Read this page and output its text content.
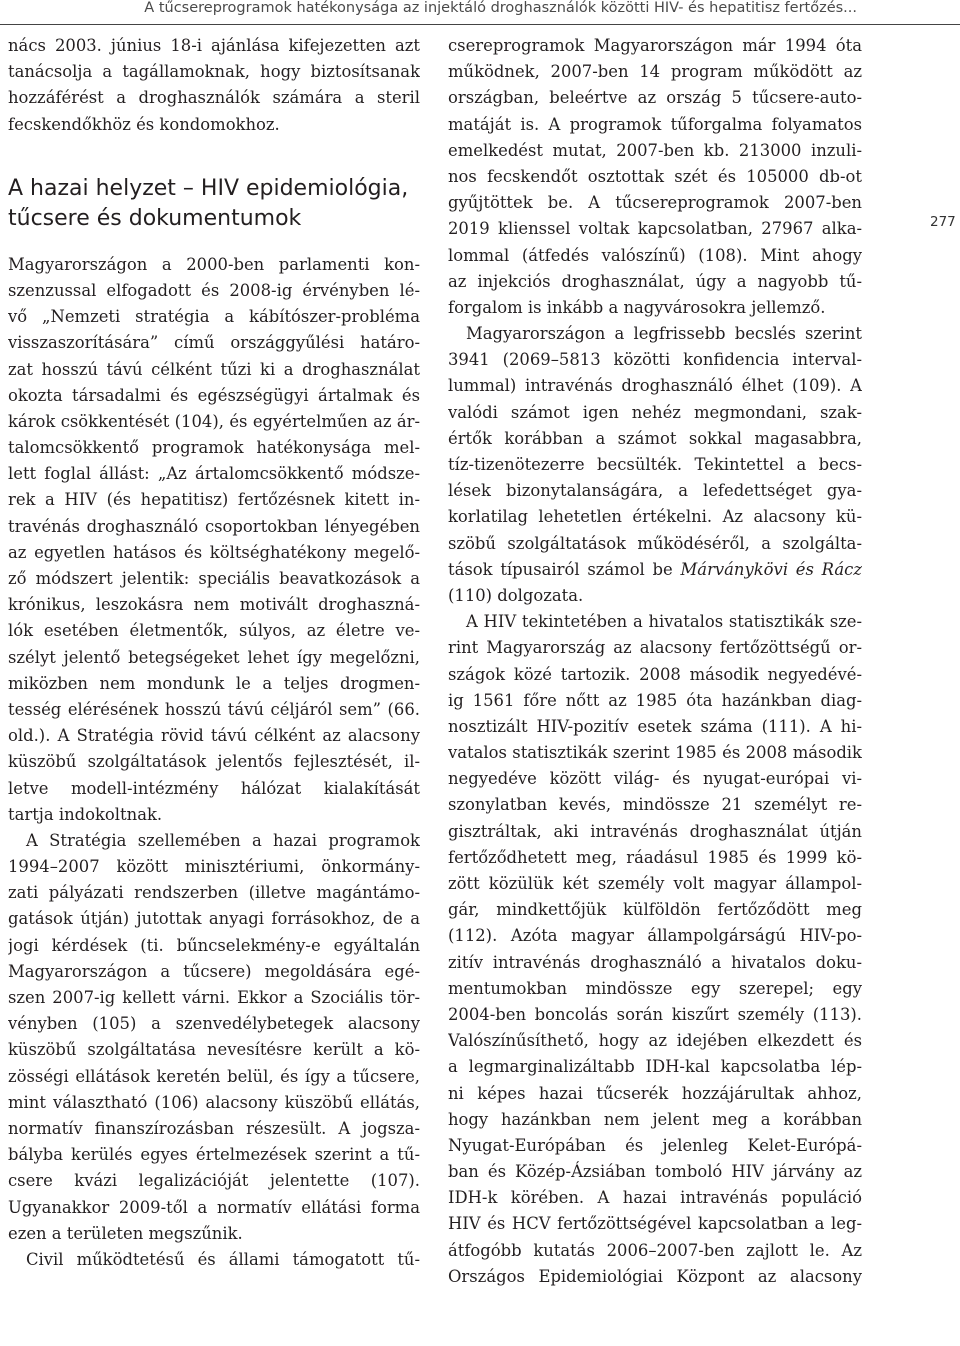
A tűcsereprogramok hatékonysága az injektáló droghasználók közötti HIV- és hepatitisz fertőzés...
277
nács 2003. június 18-i ajánlása kifejezetten azt
tanácsolja a tagállamoknak, hogy biztosítsanak
hozzáférést a droghasználók számára a steril
fecskendőkhöz és kondomokhoz.
A hazai helyzet – HIV epidemiológia,
tűcsere és dokumentumok
Magyarországon a 2000-ben parlamenti kon-
szenzussal elfogadott és 2008-ig érvényben lé-
vő „Nemzeti stratégia a kábítószer-probléma
visszaszorítására” című országgyűlési határo-
zat hosszú távú célként tűzi ki a droghasználat
okozta társadalmi és egészségügyi ártalmak és
károk csökkentését (104), és egyértelműen az ár-
talomcsökkentő programok hatékonysága mel-
lett foglal állást: „Az ártalomcsökkentő módsze-
rek a HIV (és hepatitisz) fertőzésnek kitett in-
travénás droghasználó csoportokban lényegében
az egyetlen hatásos és költséghatékony megelő-
ző módszert jelentik: speciális beavatkozások a
krónikus, leszokásra nem motivált droghaszná-
lók esetében életmentők, súlyos, az életre ve-
szélyt jelentő betegségeket lehet így megelőzni,
miközben nem mondunk le a teljes drogmen-
tesség elérésének hosszú távú céljáról sem” (66.
old.). A Stratégia rövid távú célként az alacsony
küszöbű szolgáltatások jelentős fejlesztését, il-
letve modell-intézmény hálózat kialakítását
tartja indokoltnak.
A Stratégia szellemében a hazai programok
1994–2007 között minisztériumi, önkormány-
zati pályázati rendszerben (illetve magántámo-
gatások útján) jutottak anyagi forrásokhoz, de a
jogi kérdések (ti. bűncselekmény-e egyáltalán
Magyarországon a tűcsere) megoldására egé-
szen 2007-ig kellett várni. Ekkor a Szociális tör-
vényben (105) a szenvedélybetegek alacsony
küszöbű szolgáltatása nevesítésre került a kö-
zösségi ellátások keretén belül, és így a tűcsere,
mint választható (106) alacsony küszöbű ellátás,
normatív finanszírozásban részesült. A jogsza-
bályba kerülés egyes értelmezések szerint a tű-
csere kvázi legalizációját jelentette (107).
Ugyanakkor 2009-től a normatív ellátási forma
ezen a területen megszűnik.
Civil működtetésű és állami támogatott tű-
csereprogramok Magyarországon már 1994 óta
működnek, 2007-ben 14 program működött az
országban, beleértve az ország 5 tűcsere-auto-
matáját is. A programok tűforgalma folyamatos
emelkedést mutat, 2007-ben kb. 213000 inzuli-
nos fecskendőt osztottak szét és 105000 db-ot
gyűjtöttek be. A tűcsereprogramok 2007-ben
2019 klienssel voltak kapcsolatban, 27967 alka-
lommal (átfedés valószínű) (108). Mint ahogy
az injekciós droghasználat, úgy a nagyobb tű-
forgalom is inkább a nagyvárosokra jellemző.
Magyarországon a legfrissebb becslés szerint
3941 (2069–5813 közötti konfidencia interval-
lummal) intravénás droghasználó élhet (109). A
valódi számot igen nehéz megmondani, szak-
értők korábban a számot sokkal magasabbra,
tíz-tizenötezerre becsülték. Tekintettel a becs-
lések bizonytalanságára, a lefedettséget gya-
korlatilag lehetetlen értékelni. Az alacsony kü-
szöbű szolgáltatások működéséről, a szolgálta-
tások típusairól számol be Márványkövi és Rácz
(110) dolgozata.
A HIV tekintetében a hivatalos statisztikák sze-
rint Magyarország az alacsony fertőzöttségű or-
szágok közé tartozik. 2008 második negyedévé-
ig 1561 főre nőtt az 1985 óta hazánkban diag-
nosztizált HIV-pozitív esetek száma (111). A hi-
vatalos statisztikák szerint 1985 és 2008 második
negyedéve között világ- és nyugat-európai vi-
szonylatban kevés, mindössze 21 személyt re-
gisztráltak, aki intravénás droghasználat útján
fertőződhetett meg, ráadásul 1985 és 1999 kö-
zött közülük két személy volt magyar állampol-
gár, mindkettőjük külföldön fertőződött meg
(112). Azóta magyar állampolgárságú HIV-po-
zitív intravénás droghasználó a hivatalos doku-
mentumokban mindössze egy szerepel; egy
2004-ben boncolás során kiszűrt személy (113).
Valószínűsíthető, hogy az idejében elkezdett és
a legmarginalizáltabb IDH-kal kapcsolatba lép-
ni képes hazai tűcserék hozzájárultak ahhoz,
hogy hazánkban nem jelent meg a korábban
Nyugat-Európában és jelenleg Kelet-Európá-
ban és Közép-Ázsiában tomboló HIV járvány az
IDH-k körében. A hazai intravénás populáció
HIV és HCV fertőzöttségével kapcsolatban a leg-
átfogóbb kutatás 2006–2007-ben zajlott le. Az
Országos Epidemiológiai Központ az alacsony
